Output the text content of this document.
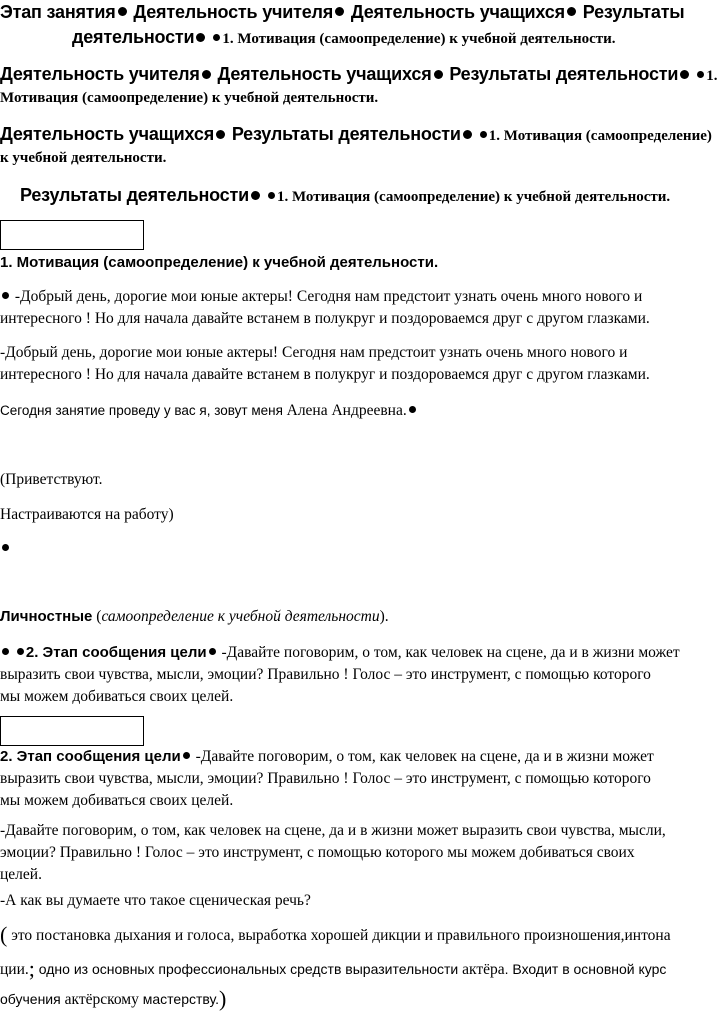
Этап занятия Деятельность учителя Деятельность учащихся Результаты
деятельности 1. Мотивация (самоопределение) к учебной деятельности.
Деятельность учителя Деятельность учащихся Результаты деятельности 1.
Мотивация (самоопределение) к учебной деятельности.
Деятельность учащихся Результаты деятельности 1. Мотивация (самоопределение)
к учебной деятельности.
Результаты деятельности 1. Мотивация (самоопределение) к учебной деятельности.
1. Мотивация (самоопределение) к учебной деятельности.
-Добрый день, дорогие мои юные актеры! Сегодня нам предстоит узнать очень много нового и
интересного ! Но для начала давайте встанем в полукруг и поздороваемся друг с другом глазками.
-Добрый день, дорогие мои юные актеры! Сегодня нам предстоит узнать очень много нового и
интересного ! Но для начала давайте встанем в полукруг и поздороваемся друг с другом глазками.
Сегодня занятие проведу у вас я, зовут меня Алена Андреевна.
(Приветствуют.
Настраиваются на работу)
Личностные (самоопределение к учебной деятельности).
2. Этап сообщения цели -Давайте поговорим, о том, как человек на сцене, да и в жизни может
выразить свои чувства, мысли, эмоции? Правильно ! Голос – это инструмент, с помощью которого
мы можем добиваться своих целей.
2. Этап сообщения цели -Давайте поговорим, о том, как человек на сцене, да и в жизни может
выразить свои чувства, мысли, эмоции? Правильно ! Голос – это инструмент, с помощью которого
мы можем добиваться своих целей.
-Давайте поговорим, о том, как человек на сцене, да и в жизни может выразить свои чувства, мысли,
эмоции? Правильно ! Голос – это инструмент, с помощью которого мы можем добиваться своих
целей.
-А как вы думаете что такое сценическая речь?
( это постановка дыхания и голоса, выработка хорошей дикции и правильного произношения,интона
ции.; одно из основных профессиональных средств выразительности актёра. Входит в основной курс
обучения актёрскому мастерству.)
